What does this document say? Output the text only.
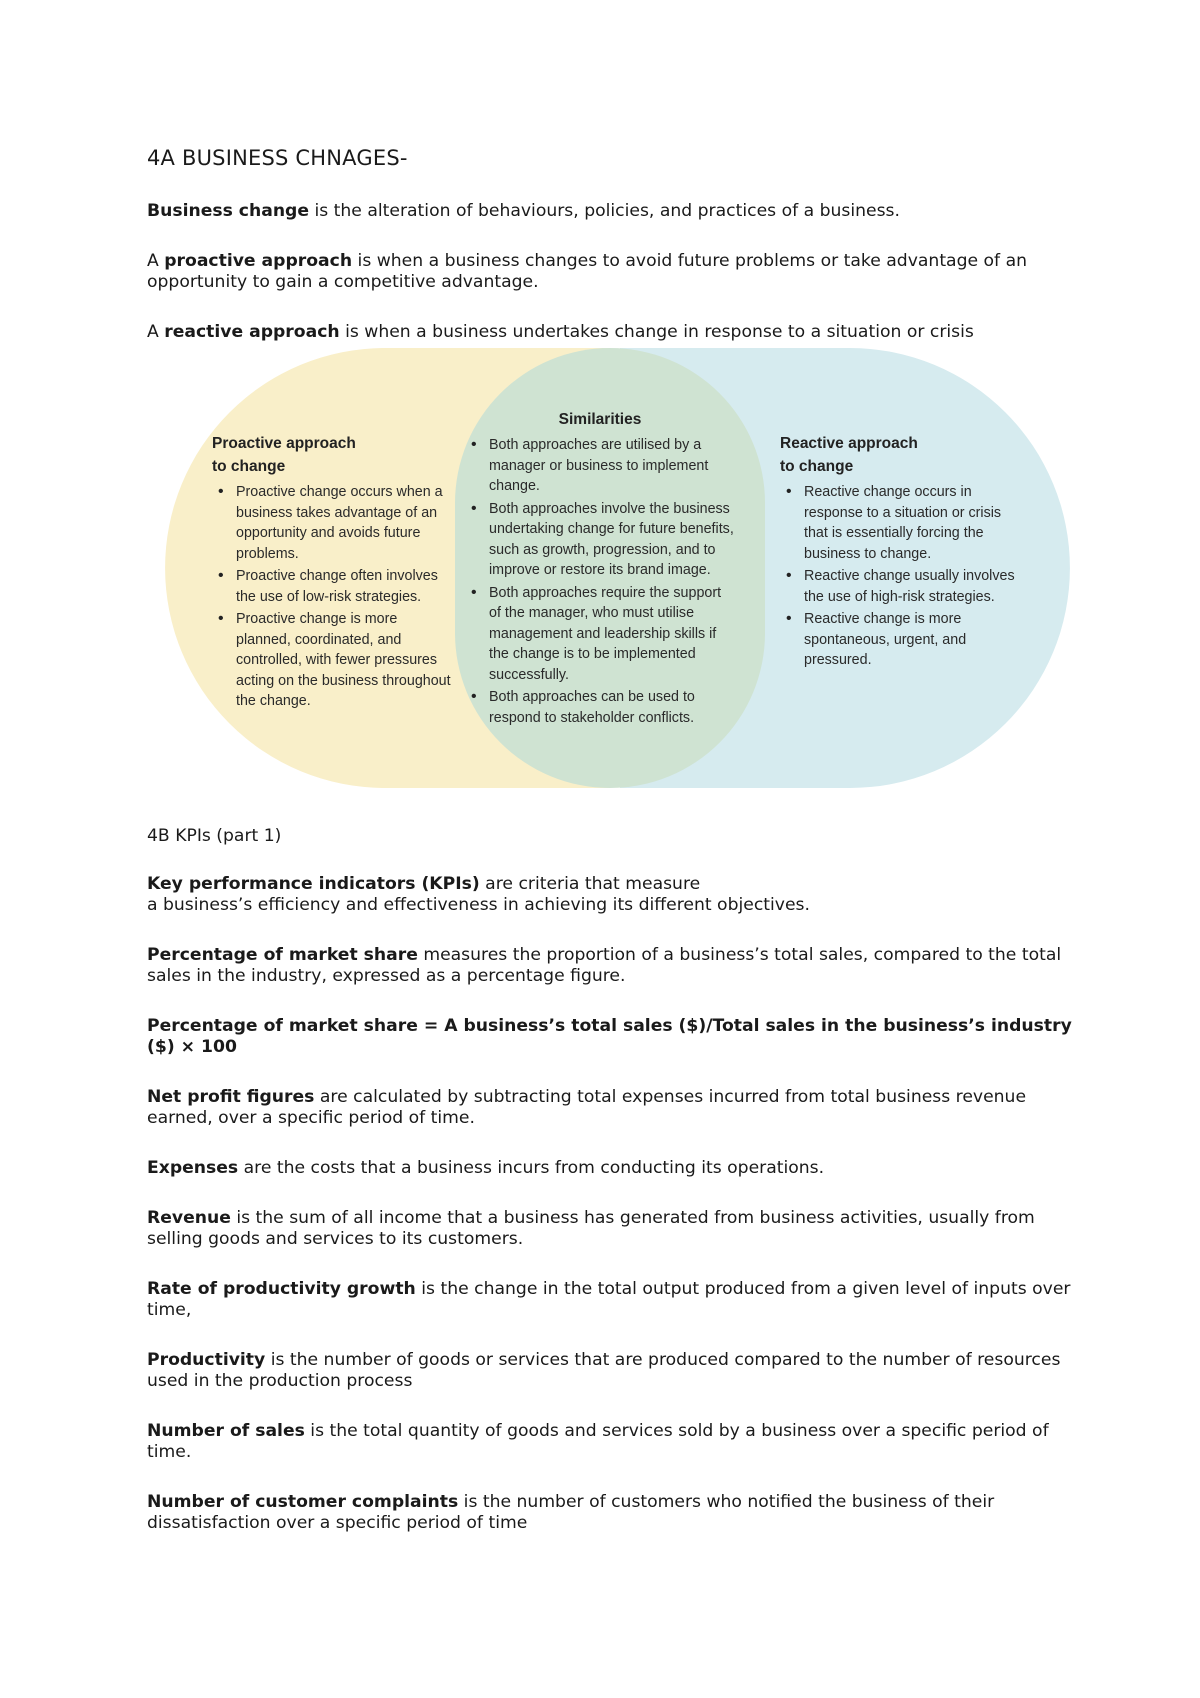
4A BUSINESS CHNAGES-

Business change is the alteration of behaviours, policies, and practices of a business.

A proactive approach is when a business changes to avoid future problems or take advantage of an opportunity to gain a competitive advantage.

A reactive approach is when a business undertakes change in response to a situation or crisis

Proactive approach
to change
• Proactive change occurs when a business takes advantage of an opportunity and avoids future problems.
• Proactive change often involves the use of low-risk strategies.
• Proactive change is more planned, coordinated, and controlled, with fewer pressures acting on the business throughout the change.
Similarities
• Both approaches are utilised by a manager or business to implement change.
• Both approaches involve the business undertaking change for future benefits, such as growth, progression, and to improve or restore its brand image.
• Both approaches require the support of the manager, who must utilise management and leadership skills if the change is to be implemented successfully.
• Both approaches can be used to respond to stakeholder conflicts.
Reactive approach
to change
• Reactive change occurs in response to a situation or crisis that is essentially forcing the business to change.
• Reactive change usually involves the use of high-risk strategies.
• Reactive change is more spontaneous, urgent, and pressured.
4B KPIs (part 1)

Key performance indicators (KPIs) are criteria that measure
a business’s efficiency and effectiveness in achieving its different objectives.

Percentage of market share measures the proportion of a business’s total sales, compared to the total sales in the industry, expressed as a percentage figure.

Percentage of market share = A business’s total sales ($)/Total sales in the business’s industry ($) × 100

Net profit figures are calculated by subtracting total expenses incurred from total business revenue earned, over a specific period of time.

Expenses are the costs that a business incurs from conducting its operations.

Revenue is the sum of all income that a business has generated from business activities, usually from selling goods and services to its customers.

Rate of productivity growth is the change in the total output produced from a given level of inputs over time,

Productivity is the number of goods or services that are produced compared to the number of resources used in the production process

Number of sales is the total quantity of goods and services sold by a business over a specific period of time.

Number of customer complaints is the number of customers who notified the business of their dissatisfaction over a specific period of time
